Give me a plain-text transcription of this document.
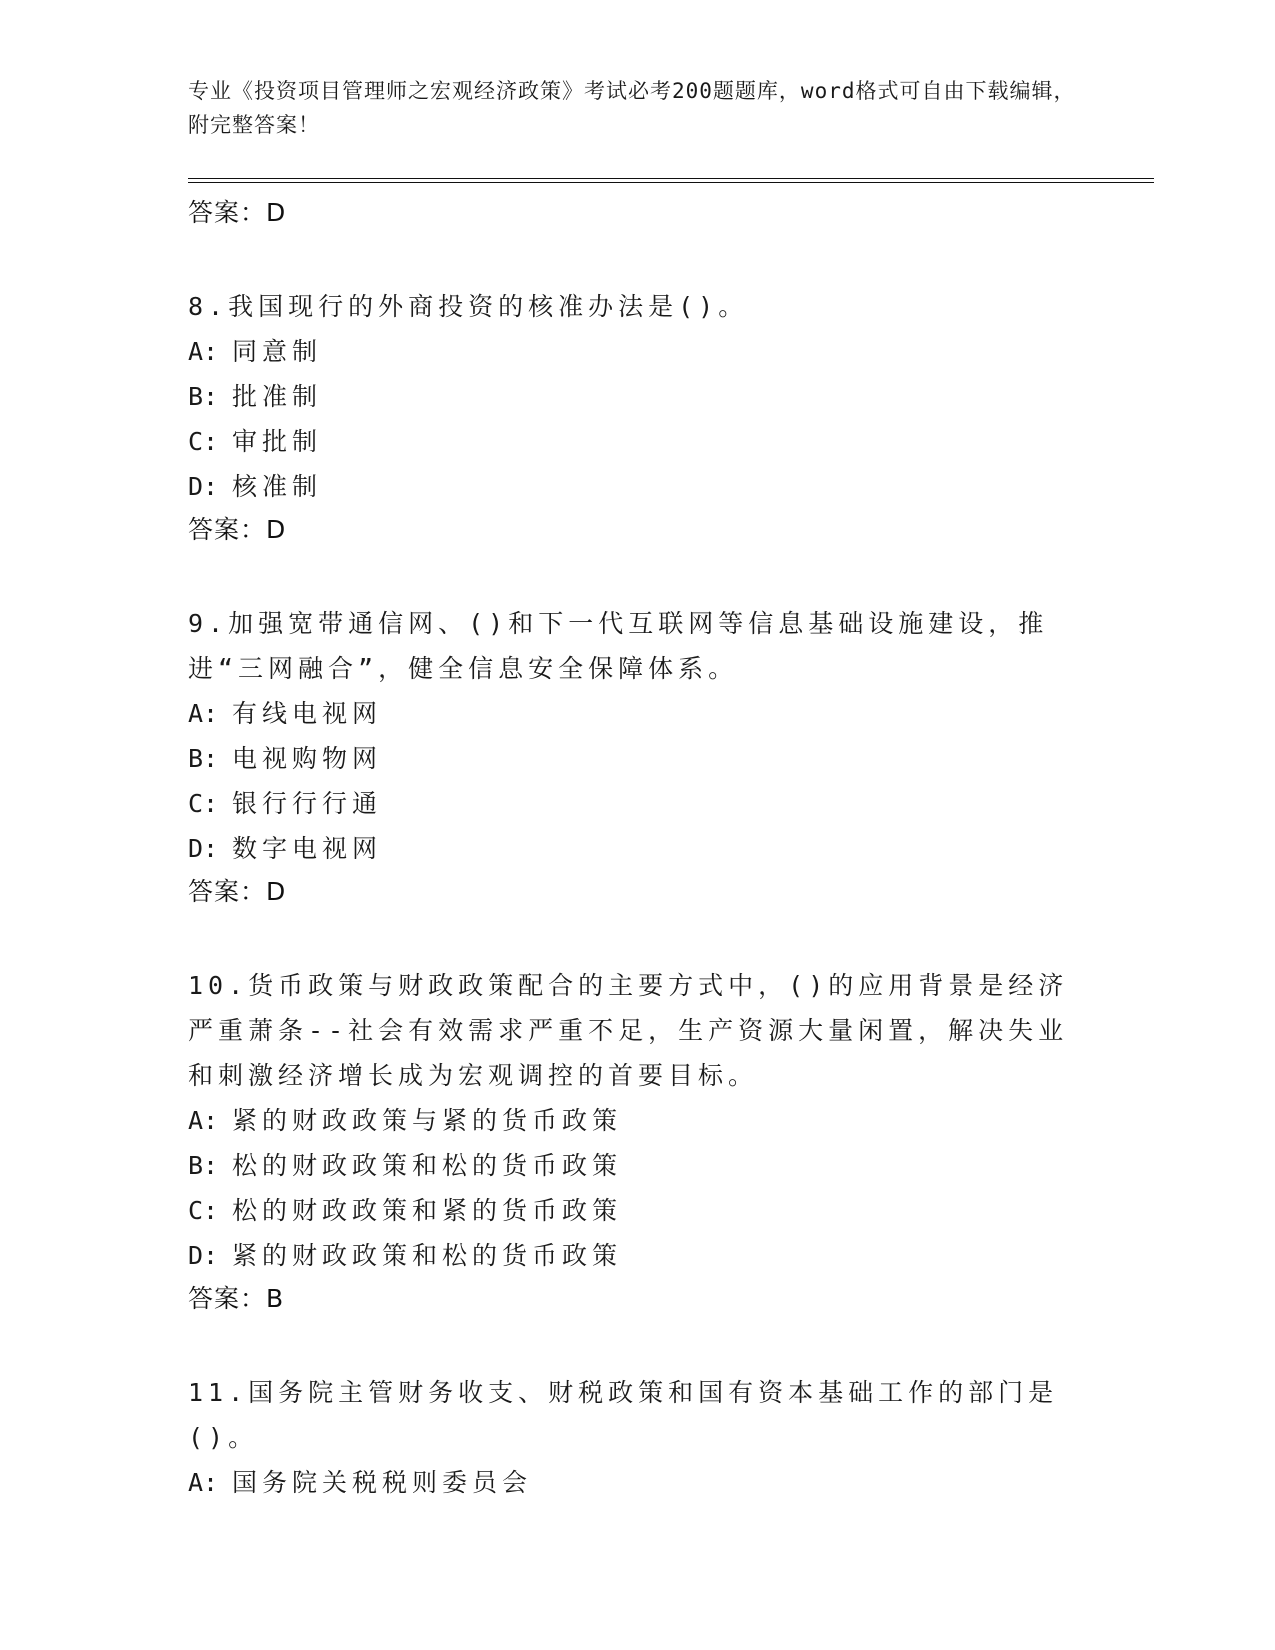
专业《投资项目管理师之宏观经济政策》考试必考200题题库，word格式可自由下载编辑，附完整答案！
答案：D

8.我国现行的外商投资的核准办法是()。

A: 同意制
B: 批准制
C: 审批制
D: 核准制
答案：D

9.加强宽带通信网、()和下一代互联网等信息基础设施建设，推进“三网融合”，健全信息安全保障体系。

A: 有线电视网
B: 电视购物网
C: 银行行行通
D: 数字电视网
答案：D

10.货币政策与财政政策配合的主要方式中，()的应用背景是经济严重萧条--社会有效需求严重不足，生产资源大量闲置，解决失业和刺激经济增长成为宏观调控的首要目标。

A: 紧的财政政策与紧的货币政策
B: 松的财政政策和松的货币政策
C: 松的财政政策和紧的货币政策
D: 紧的财政政策和松的货币政策
答案：B

11.国务院主管财务收支、财税政策和国有资本基础工作的部门是()。

A: 国务院关税税则委员会
